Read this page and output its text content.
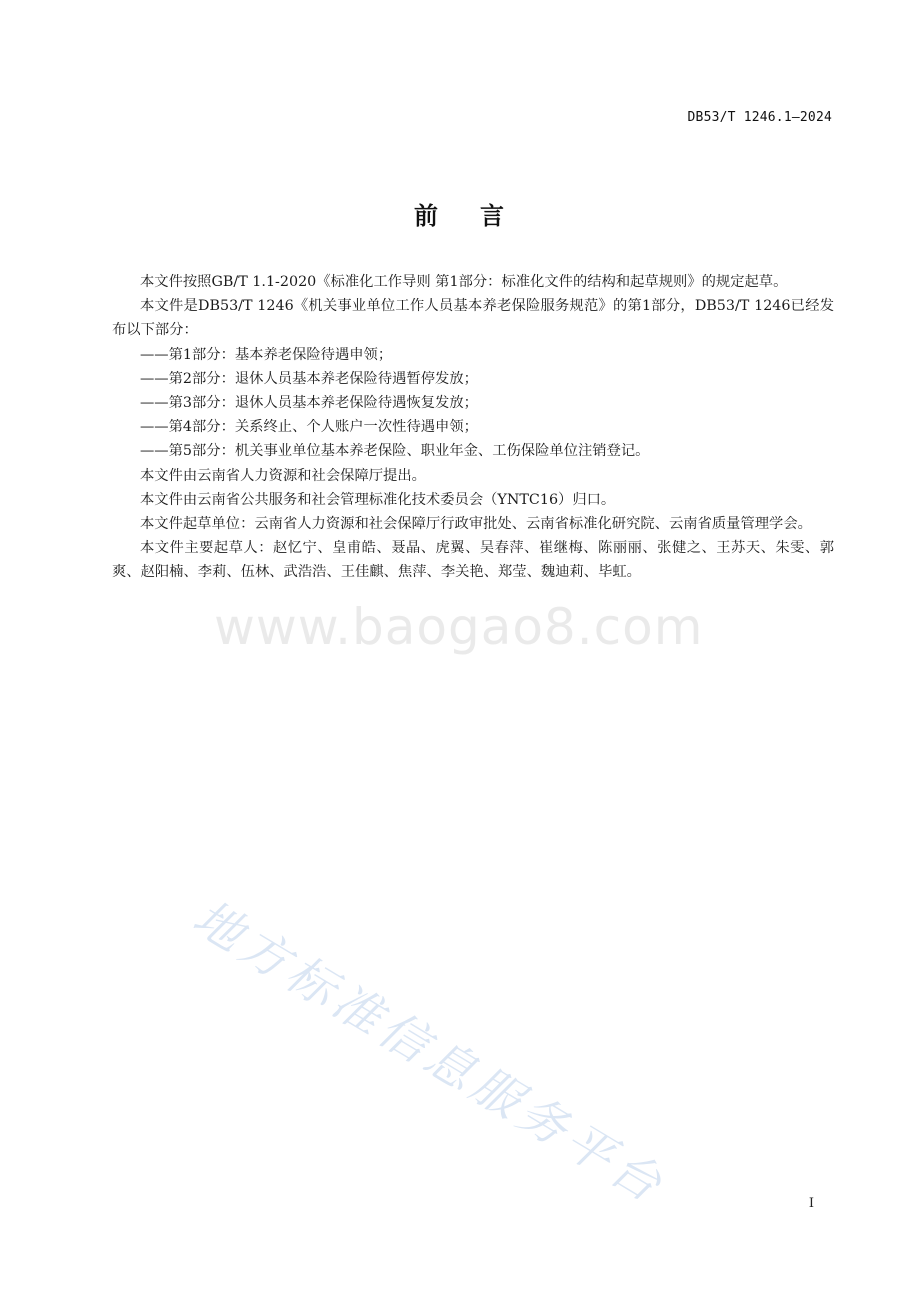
DB53/T 1246.1—2024
前 言

本文件按照GB/T 1.1-2020《标准化工作导则 第1部分：标准化文件的结构和起草规则》的规定起草。

本文件是DB53/T 1246《机关事业单位工作人员基本养老保险服务规范》的第1部分，DB53/T 1246已经发布以下部分：

——第1部分：基本养老保险待遇申领；

——第2部分：退休人员基本养老保险待遇暂停发放；

——第3部分：退休人员基本养老保险待遇恢复发放；

——第4部分：关系终止、个人账户一次性待遇申领；

——第5部分：机关事业单位基本养老保险、职业年金、工伤保险单位注销登记。

本文件由云南省人力资源和社会保障厅提出。

本文件由云南省公共服务和社会管理标准化技术委员会（YNTC16）归口。

本文件起草单位：云南省人力资源和社会保障厅行政审批处、云南省标准化研究院、云南省质量管理学会。

本文件主要起草人：赵忆宁、皇甫皓、聂晶、虎翼、吴春萍、崔继梅、陈丽丽、张健之、王苏天、朱雯、郭爽、赵阳楠、李莉、伍林、武浩浩、王佳麒、焦萍、李关艳、郑莹、魏迪莉、毕虹。

www.baogao8.com
地方标准信息服务平台	I
